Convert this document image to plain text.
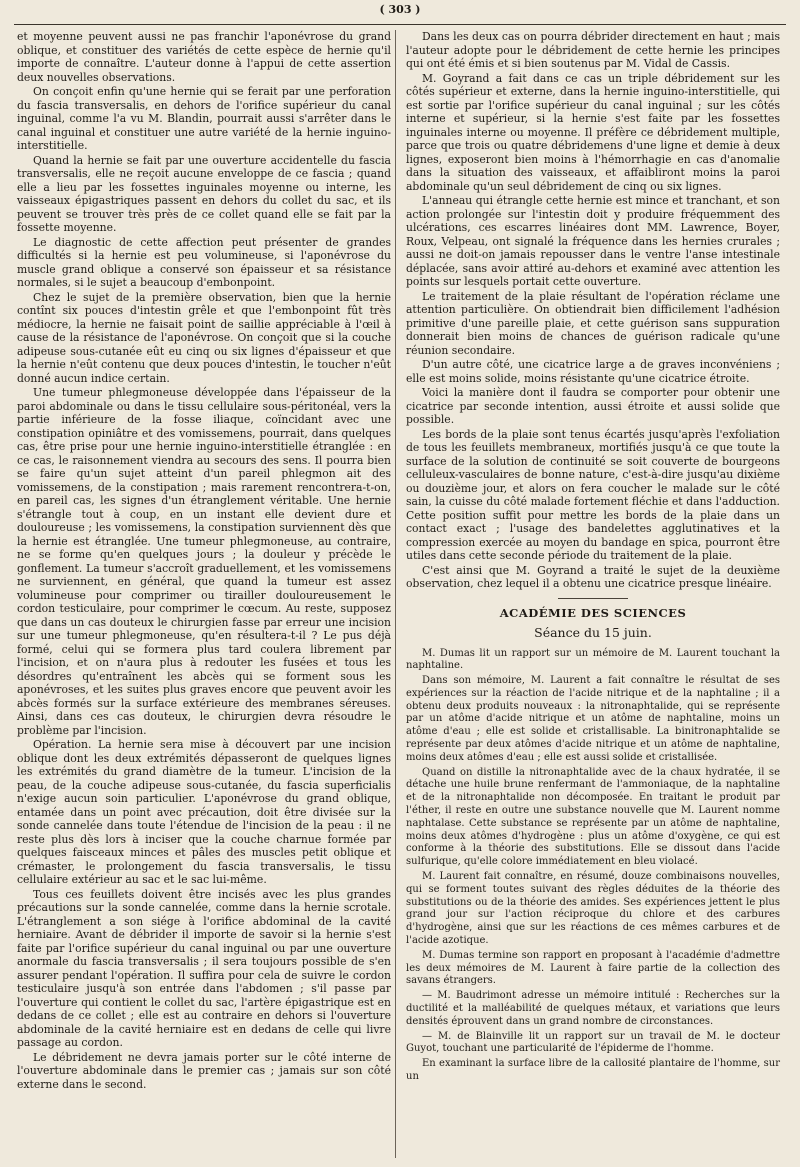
( 303 )

et moyenne peuvent aussi ne pas franchir l'aponévrose du grand oblique, et constituer des variétés de cette espèce de hernie qu'il importe de connaître. L'auteur donne à l'appui de cette assertion deux nouvelles observations.

On conçoit enfin qu'une hernie qui se ferait par une perforation du fascia transversalis, en dehors de l'orifice supérieur du canal inguinal, comme l'a vu M. Blandin, pourrait aussi s'arrêter dans le canal inguinal et constituer une autre variété de la hernie inguino-interstitielle.

Quand la hernie se fait par une ouverture accidentelle du fascia transversalis, elle ne reçoit aucune enveloppe de ce fascia ; quand elle a lieu par les fossettes inguinales moyenne ou interne, les vaisseaux épigastriques passent en dehors du collet du sac, et ils peuvent se trouver très près de ce collet quand elle se fait par la fossette moyenne.

Le diagnostic de cette affection peut présenter de grandes difficultés si la hernie est peu volumineuse, si l'aponévrose du muscle grand oblique a conservé son épaisseur et sa résistance normales, si le sujet a beaucoup d'embonpoint.

Chez le sujet de la première observation, bien que la hernie contînt six pouces d'intestin grêle et que l'embonpoint fût très médiocre, la hernie ne faisait point de saillie appréciable à l'œil à cause de la résistance de l'aponévrose. On conçoit que si la couche adipeuse sous-cutanée eût eu cinq ou six lignes d'épaisseur et que la hernie n'eût contenu que deux pouces d'intestin, le toucher n'eût donné aucun indice certain.

Une tumeur phlegmoneuse développée dans l'épaisseur de la paroi abdominale ou dans le tissu cellulaire sous-péritonéal, vers la partie inférieure de la fosse iliaque, coïncidant avec une constipation opiniâtre et des vomissemens, pourrait, dans quelques cas, être prise pour une hernie inguino-interstitielle étranglée : en ce cas, le raisonnement viendra au secours des sens. Il pourra bien se faire qu'un sujet atteint d'un pareil phlegmon ait des vomissemens, de la constipation ; mais rarement rencontrera-t-on, en pareil cas, les signes d'un étranglement véritable. Une hernie s'étrangle tout à coup, en un instant elle devient dure et douloureuse ; les vomissemens, la constipation surviennent dès que la hernie est étranglée. Une tumeur phlegmoneuse, au contraire, ne se forme qu'en quelques jours ; la douleur y précède le gonflement. La tumeur s'accroît graduellement, et les vomissemens ne surviennent, en général, que quand la tumeur est assez volumineuse pour comprimer ou tirailler douloureusement le cordon testiculaire, pour comprimer le cœcum. Au reste, supposez que dans un cas douteux le chirurgien fasse par erreur une incision sur une tumeur phlegmoneuse, qu'en résultera-t-il ? Le pus déjà formé, celui qui se formera plus tard coulera librement par l'incision, et on n'aura plus à redouter les fusées et tous les désordres qu'entraînent les abcès qui se forment sous les aponévroses, et les suites plus graves encore que peuvent avoir les abcès formés sur la surface extérieure des membranes séreuses. Ainsi, dans ces cas douteux, le chirurgien devra résoudre le problème par l'incision.

Opération. La hernie sera mise à découvert par une incision oblique dont les deux extrémités dépasseront de quelques lignes les extrémités du grand diamètre de la tumeur. L'incision de la peau, de la couche adipeuse sous-cutanée, du fascia superficialis n'exige aucun soin particulier. L'aponévrose du grand oblique, entamée dans un point avec précaution, doit être divisée sur la sonde cannelée dans toute l'étendue de l'incision de la peau : il ne reste plus dès lors à inciser que la couche charnue formée par quelques faisceaux minces et pâles des muscles petit oblique et crémaster, le prolongement du fascia transversalis, le tissu cellulaire extérieur au sac et le sac lui-même.

Tous ces feuillets doivent être incisés avec les plus grandes précautions sur la sonde cannelée, comme dans la hernie scrotale. L'étranglement a son siége à l'orifice abdominal de la cavité herniaire. Avant de débrider il importe de savoir si la hernie s'est faite par l'orifice supérieur du canal inguinal ou par une ouverture anormale du fascia transversalis ; il sera toujours possible de s'en assurer pendant l'opération. Il suffira pour cela de suivre le cordon testiculaire jusqu'à son entrée dans l'abdomen ; s'il passe par l'ouverture qui contient le collet du sac, l'artère épigastrique est en dedans de ce collet ; elle est au contraire en dehors si l'ouverture abdominale de la cavité herniaire est en dedans de celle qui livre passage au cordon.

Le débridement ne devra jamais porter sur le côté interne de l'ouverture abdominale dans le premier cas ; jamais sur son côté externe dans le second.

Dans les deux cas on pourra débrider directement en haut ; mais l'auteur adopte pour le débridement de cette hernie les principes qui ont été émis et si bien soutenus par M. Vidal de Cassis.

M. Goyrand a fait dans ce cas un triple débridement sur les côtés supérieur et externe, dans la hernie inguino-interstitielle, qui est sortie par l'orifice supérieur du canal inguinal ; sur les côtés interne et supérieur, si la hernie s'est faite par les fossettes inguinales interne ou moyenne. Il préfère ce débridement multiple, parce que trois ou quatre débridemens d'une ligne et demie à deux lignes, exposeront bien moins à l'hémorrhagie en cas d'anomalie dans la situation des vaisseaux, et affaibliront moins la paroi abdominale qu'un seul débridement de cinq ou six lignes.

L'anneau qui étrangle cette hernie est mince et tranchant, et son action prolongée sur l'intestin doit y produire fréquemment des ulcérations, ces escarres linéaires dont MM. Lawrence, Boyer, Roux, Velpeau, ont signalé la fréquence dans les hernies crurales ; aussi ne doit-on jamais repousser dans le ventre l'anse intestinale déplacée, sans avoir attiré au-dehors et examiné avec attention les points sur lesquels portait cette ouverture.

Le traitement de la plaie résultant de l'opération réclame une attention particulière. On obtiendrait bien difficilement l'adhésion primitive d'une pareille plaie, et cette guérison sans suppuration donnerait bien moins de chances de guérison radicale qu'une réunion secondaire.

D'un autre côté, une cicatrice large a de graves inconvéniens ; elle est moins solide, moins résistante qu'une cicatrice étroite.

Voici la manière dont il faudra se comporter pour obtenir une cicatrice par seconde intention, aussi étroite et aussi solide que possible.

Les bords de la plaie sont tenus écartés jusqu'après l'exfoliation de tous les feuillets membraneux, mortifiés jusqu'à ce que toute la surface de la solution de continuité se soit couverte de bourgeons celluleux-vasculaires de bonne nature, c'est-à-dire jusqu'au dixième ou douzième jour, et alors on fera coucher le malade sur le côté sain, la cuisse du côté malade fortement fléchie et dans l'adduction. Cette position suffit pour mettre les bords de la plaie dans un contact exact ; l'usage des bandelettes agglutinatives et la compression exercée au moyen du bandage en spica, pourront être utiles dans cette seconde période du traitement de la plaie.

C'est ainsi que M. Goyrand a traité le sujet de la deuxième observation, chez lequel il a obtenu une cicatrice presque linéaire.

ACADÉMIE DES SCIENCES
Séance du 15 juin.

M. Dumas lit un rapport sur un mémoire de M. Laurent touchant la naphtaline.

Dans son mémoire, M. Laurent a fait connaître le résultat de ses expériences sur la réaction de l'acide nitrique et de la naphtaline ; il a obtenu deux produits nouveaux : la nitronaphtalide, qui se représente par un atôme d'acide nitrique et un atôme de naphtaline, moins un atôme d'eau ; elle est solide et cristallisable. La binitronaphtalide se représente par deux atômes d'acide nitrique et un atôme de naphtaline, moins deux atômes d'eau ; elle est aussi solide et cristallisée.

Quand on distille la nitronaphtalide avec de la chaux hydratée, il se détache une huile brune renfermant de l'ammoniaque, de la naphtaline et de la nitronaphtalide non décomposée. En traitant le produit par l'éther, il reste en outre une substance nouvelle que M. Laurent nomme naphtalase. Cette substance se représente par un atôme de naphtaline, moins deux atômes d'hydrogène : plus un atôme d'oxygène, ce qui est conforme à la théorie des substitutions. Elle se dissout dans l'acide sulfurique, qu'elle colore immédiatement en bleu violacé.

M. Laurent fait connaître, en résumé, douze combinaisons nouvelles, qui se forment toutes suivant des règles déduites de la théorie des substitutions ou de la théorie des amides. Ses expériences jettent le plus grand jour sur l'action réciproque du chlore et des carbures d'hydrogène, ainsi que sur les réactions de ces mêmes carbures et de l'acide azotique.

M. Dumas termine son rapport en proposant à l'académie d'admettre les deux mémoires de M. Laurent à faire partie de la collection des savans étrangers.

— M. Baudrimont adresse un mémoire intitulé : Recherches sur la ductilité et la malléabilité de quelques métaux, et variations que leurs densités éprouvent dans un grand nombre de circonstances.

— M. de Blainville lit un rapport sur un travail de M. le docteur Guyot, touchant une particularité de l'épiderme de l'homme.

En examinant la surface libre de la callosité plantaire de l'homme, sur un
